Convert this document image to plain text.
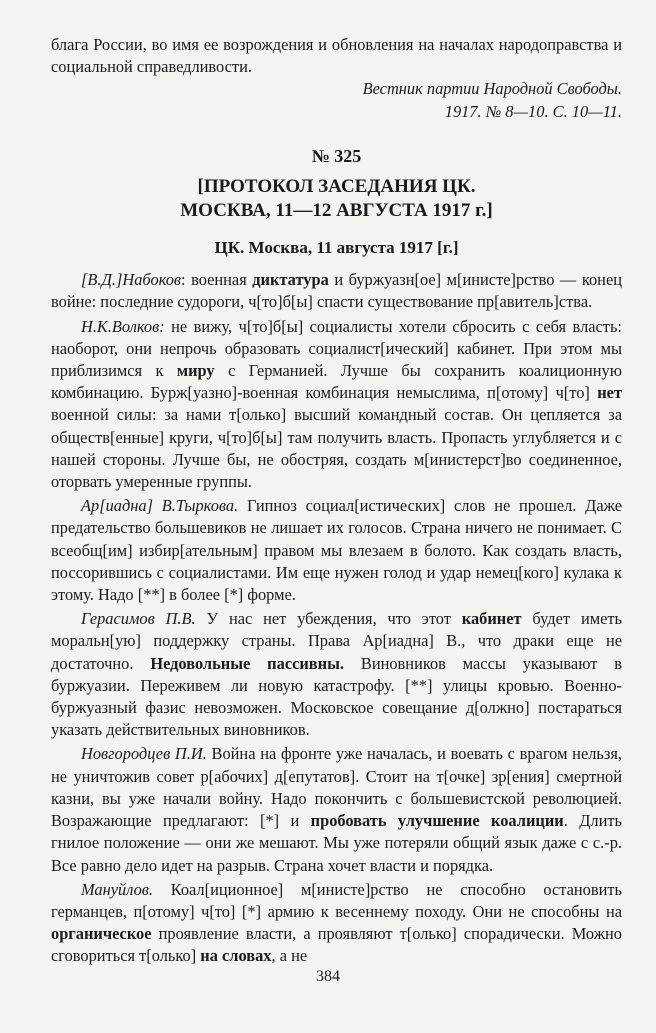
блага России, во имя ее возрождения и обновления на началах народоправства и социальной справедливости.

Вестник партии Народной Свободы.

1917. № 8—10. С. 10—11.

№ 325

[ПРОТОКОЛ ЗАСЕДАНИЯ ЦК.

МОСКВА, 11—12 АВГУСТА 1917 г.]

ЦК. Москва, 11 августа 1917 [г.]

[В.Д.]Набоков: военная диктатура и буржуазн[ое] м[инисте]рство — конец войне: последние судороги, ч[то]б[ы] спасти существование пр[авитель]ства.

Н.К.Волков: не вижу, ч[то]б[ы] социалисты хотели сбросить с себя власть: наоборот, они непрочь образовать социалист[ический] кабинет. При этом мы приблизимся к миру с Германией. Лучше бы сохранить коалиционную комбинацию. Бурж[уазно]-военная комбинация немыслима, п[отому] ч[то] нет военной силы: за нами т[олько] высший командный состав. Он цепляется за обществ[енные] круги, ч[то]б[ы] там получить власть. Пропасть углубляется и с нашей стороны. Лучше бы, не обостряя, создать м[инистерст]во соединенное, оторвать умеренные группы.

Ар[иадна] В.Тыркова. Гипноз социал[истических] слов не прошел. Даже предательство большевиков не лишает их голосов. Страна ничего не понимает. С всеобщ[им] избир[ательным] правом мы влезаем в болото. Как создать власть, поссорившись с социалистами. Им еще нужен голод и удар немец[кого] кулака к этому. Надо [**] в более [*] форме.

Герасимов П.В. У нас нет убеждения, что этот кабинет будет иметь моральн[ую] поддержку страны. Права Ар[иадна] В., что драки еще не достаточно. Недовольные пассивны. Виновников массы указывают в буржуазии. Переживем ли новую катастрофу. [**] улицы кровью. Военно-буржуазный фазис невозможен. Московское совещание д[олжно] постараться указать действительных виновников.

Новгородцев П.И. Война на фронте уже началась, и воевать с врагом нельзя, не уничтожив совет р[абочих] д[епутатов]. Стоит на т[очке] зр[ения] смертной казни, вы уже начали войну. Надо покончить с большевистской революцией. Возражающие предлагают: [*] и пробовать улучшение коалиции. Длить гнилое положение — они же мешают. Мы уже потеряли общий язык даже с с.-р. Все равно дело идет на разрыв. Страна хочет власти и порядка.

Мануйлов. Коал[иционное] м[инисте]рство не способно остановить германцев, п[отому] ч[то] [*] армию к весеннему походу. Они не способны на органическое проявление власти, а проявляют т[олько] спорадически. Можно сговориться т[олько] на словах, а не

384
